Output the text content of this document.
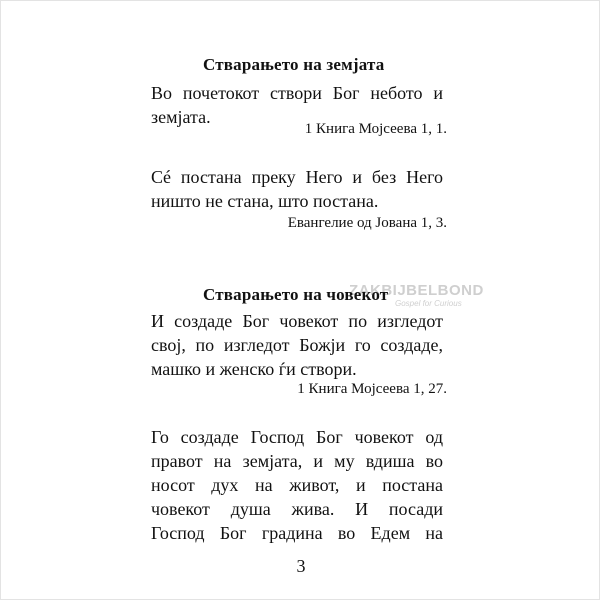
Стварањето на земјата
Во почетокот створи Бог небото и
земјата.
1 Книга Мојсеева 1, 1.
Сé постана преку Него и без Него
ништо не стана, што постана.
Евангелие од Јована 1, 3.
ZAKBIJBELBOND
Gospel for Curious
Стварањето на човекот
И создаде Бог човекот по изгледот
свој, по изгледот Божји го создаде,
машко и женско ѓи створи.
1 Книга Мојсеева 1, 27.
Го создаде Господ Бог човекот од
правот на земјата, и му вдиша во
носот дух на живот, и постана
човекот душа жива. И посади
Господ Бог градина во Едем на
3
